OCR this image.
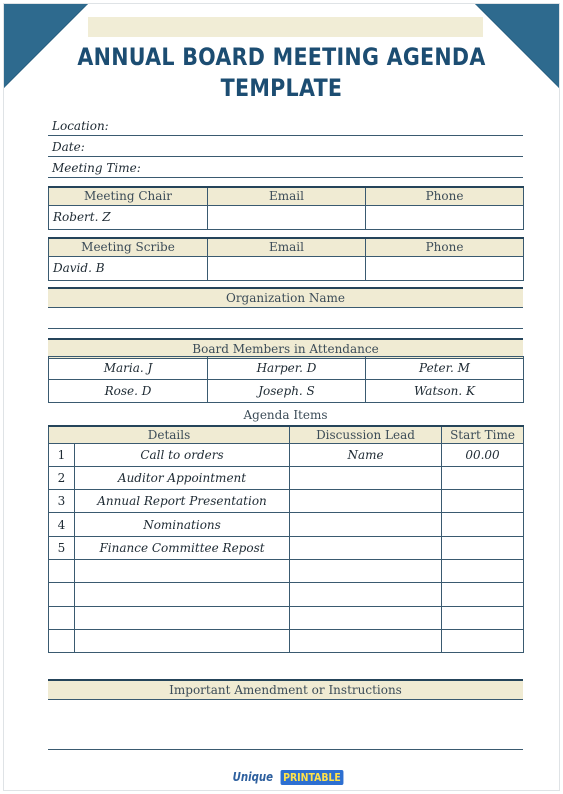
ANNUAL BOARD MEETING AGENDA TEMPLATE
Location:
Date:
Meeting Time:
Meeting Chair	Email	Phone
Robert. Z		
Meeting Scribe	Email	Phone
David. B		
Organization Name
Board Members in Attendance
Maria. J	Harper. D	Peter. M
Rose. D	Joseph. S	Watson. K
Agenda Items
Details		Discussion Lead	Start Time
1	Call to orders	Name	00.00
2	Auditor Appointment		
3	Annual Report Presentation		
4	Nominations		
5	Finance Committee Repost		

Important Amendment or Instructions
Unique PRINTABLE
